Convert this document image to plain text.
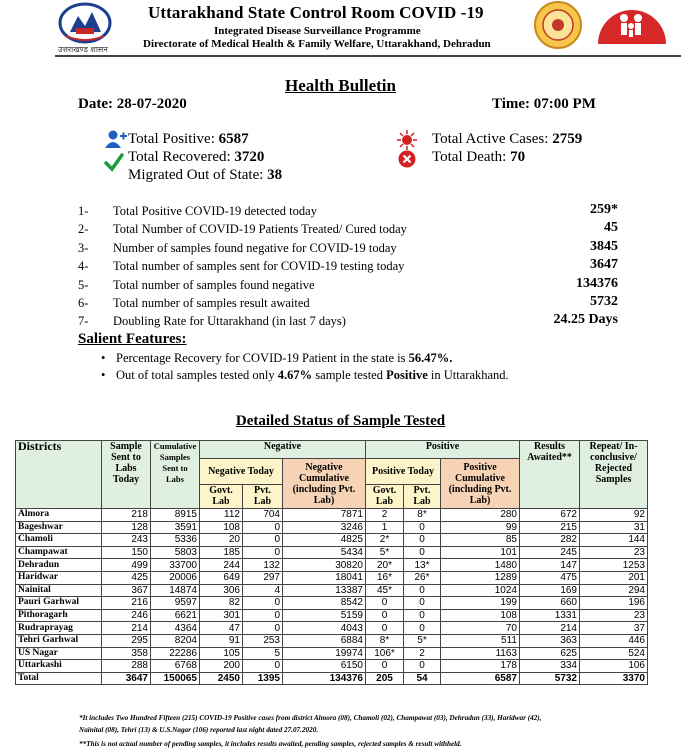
उत्तराखण्ड शासन
Uttarakhand State Control Room COVID -19
Integrated Disease Surveillance Programme
Directorate of Medical Health & Family Welfare, Uttarakhand, Dehradun
Health Bulletin
Date: 28-07-2020	Time: 07:00 PM
Total Positive: 6587
Total Recovered: 3720
Migrated Out of State: 38
Total Active Cases: 2759
Total Death: 70
1- Total Positive COVID-19 detected today	259*
2- Total Number of COVID-19 Patients Treated/ Cured today	45
3- Number of samples found negative for COVID-19 today	3845
4- Total number of samples sent for COVID-19 testing today	3647
5- Total number of samples found negative	134376
6- Total number of samples result awaited	5732
7- Doubling Rate for Uttarakhand (in last 7 days)	24.25 Days
Salient Features:
• Percentage Recovery for COVID-19 Patient in the state is 56.47%.
• Out of total samples tested only 4.67% sample tested Positive in Uttarakhand.
Detailed Status of Sample Tested
Districts	Sample Sent to Labs Today	Cumulative Samples Sent to Labs	Negative			Positive			Results Awaited**	Repeat/ In-conclusive/ Rejected Samples
			Negative Today		Negative Cumulative (including Pvt. Lab)	Positive Today		Positive Cumulative (including Pvt. Lab)		
			Govt. Lab	Pvt. Lab		Govt. Lab	Pvt. Lab			
Almora	218	8915	112	704	7871	2	8*	280	672	92
Bageshwar	128	3591	108	0	3246	1	0	99	215	31
Chamoli	243	5336	20	0	4825	2*	0	85	282	144
Champawat	150	5803	185	0	5434	5*	0	101	245	23
Dehradun	499	33700	244	132	30820	20*	13*	1480	147	1253
Haridwar	425	20006	649	297	18041	16*	26*	1289	475	201
Nainital	367	14874	306	4	13387	45*	0	1024	169	294
Pauri Garhwal	216	9597	82	0	8542	0	0	199	660	196
Pithoragarh	246	6621	301	0	5159	0	0	108	1331	23
Rudraprayag	214	4364	47	0	4043	0	0	70	214	37
Tehri Garhwal	295	8204	91	253	6884	8*	5*	511	363	446
US Nagar	358	22286	105	5	19974	106*	2	1163	625	524
Uttarkashi	288	6768	200	0	6150	0	0	178	334	106
Total	3647	150065	2450	1395	134376	205	54	6587	5732	3370
*It includes Two Hundred Fifteen (215) COVID-19 Positive cases from district Almora (08), Chamoli (02), Champawat (03), Dehradun (33), Haridwar (42),
Nainital (08), Tehri (13) & U.S.Nagar (106) reported last night dated 27.07.2020.
**This is not actual number of pending samples, it includes results awaited, pending samples, rejected samples & result withheld.
